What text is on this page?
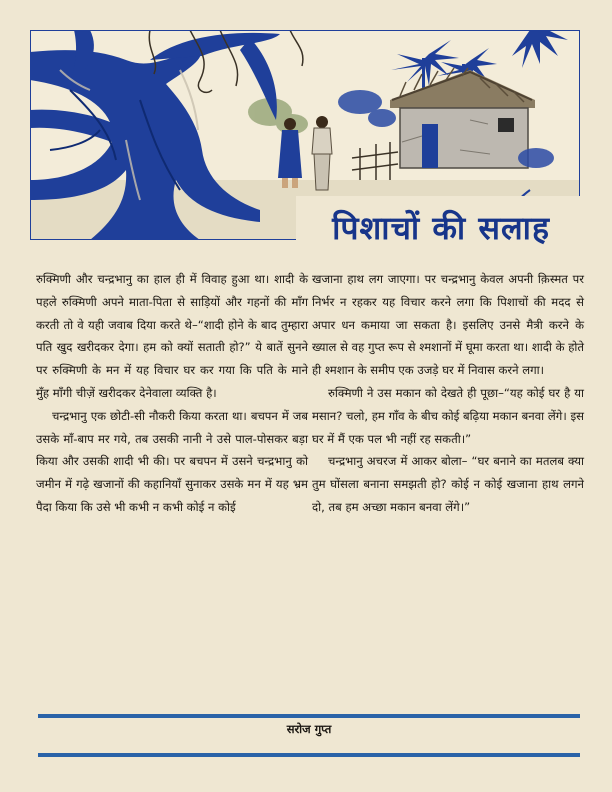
पिशाचों की सलाह

रुक्मिणी और चन्द्रभानु का हाल ही में विवाह हुआ था। शादी के पहले रुक्मिणी अपने माता-पिता से साड़ियों और गहनों की माँग करती तो वे यही जवाब दिया करते थे–“शादी होने के बाद तुम्हारा पति खुद खरीदकर देगा। हम को क्यों सताती हो?” ये बातें सुनने पर रुक्मिणी के मन में यह विचार घर कर गया कि पति के माने मुँह माँगी चीज़ें खरीदकर देनेवाला व्यक्ति है।

चन्द्रभानु एक छोटी-सी नौकरी किया करता था। बचपन में जब उसके माँ-बाप मर गये, तब उसकी नानी ने उसे पाल-पोसकर बड़ा किया और उसकी शादी भी की। पर बचपन में उसने चन्द्रभानु को जमीन में गढ़े खजानों की कहानियाँ सुनाकर उसके मन में यह भ्रम पैदा किया कि उसे भी कभी न कभी कोई न कोई

खजाना हाथ लग जाएगा। पर चन्द्रभानु केवल अपनी क़िस्मत पर निर्भर न रहकर यह विचार करने लगा कि पिशाचों की मदद से अपार धन कमाया जा सकता है। इसलिए उनसे मैत्री करने के ख्याल से वह गुप्त रूप से श्मशानों में घूमा करता था। शादी के होते ही श्मशान के समीप एक उजड़े घर में निवास करने लगा।

रुक्मिणी ने उस मकान को देखते ही पूछा–“यह कोई घर है या मसान? चलो, हम गाँव के बीच कोई बढ़िया मकान बनवा लेंगे। इस घर में मैं एक पल भी नहीं रह सकती।”

चन्द्रभानु अचरज में आकर बोला– “घर बनाने का मतलब क्या तुम घोंसला बनाना समझती हो? कोई न कोई खजाना हाथ लगने दो, तब हम अच्छा मकान बनवा लेंगे।”

सरोज गुप्त
